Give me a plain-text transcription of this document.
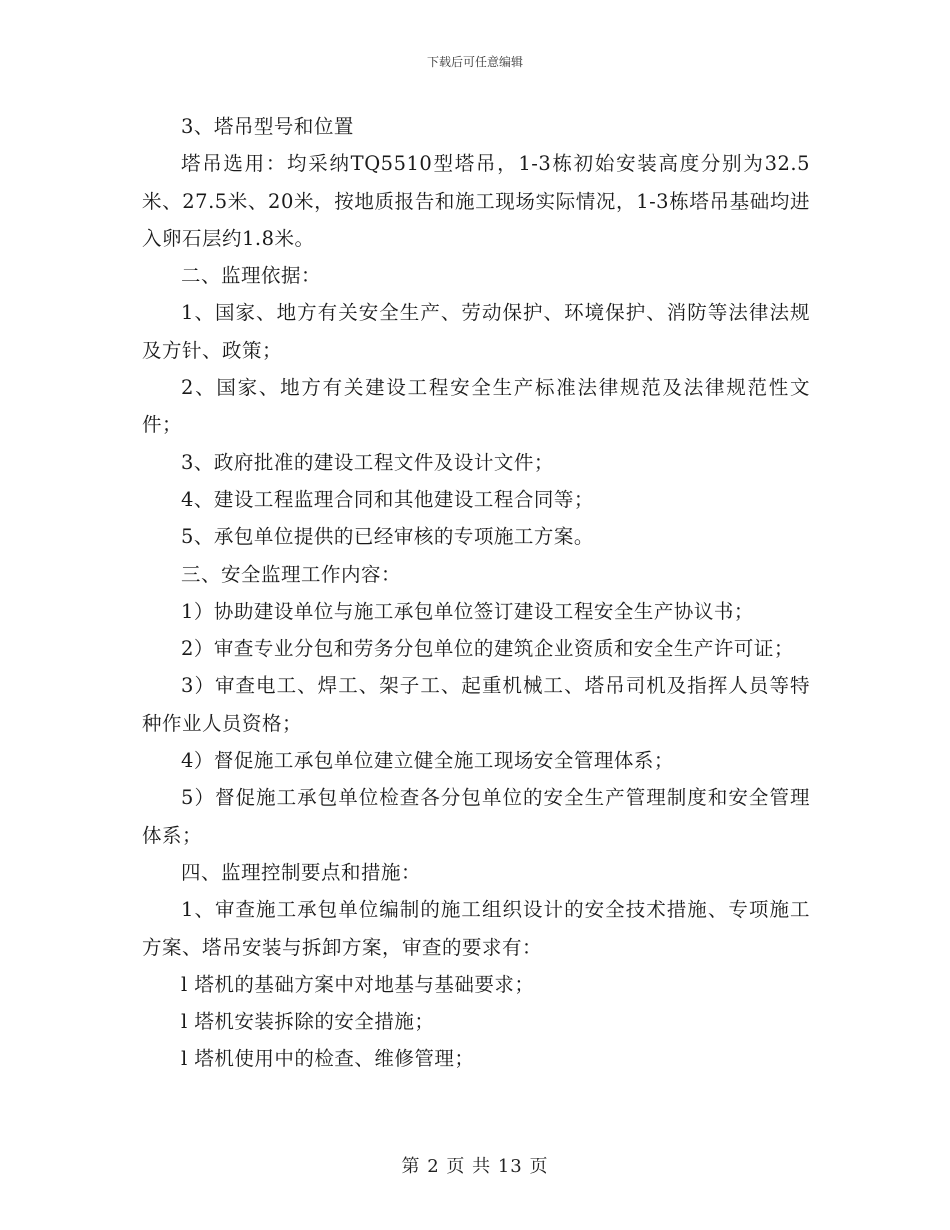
下载后可任意编辑

3、塔吊型号和位置

塔吊选用：均采纳TQ5510型塔吊，1-3栋初始安装高度分别为32.5米、27.5米、20米，按地质报告和施工现场实际情况，1-3栋塔吊基础均进入卵石层约1.8米。

二、监理依据：

1、国家、地方有关安全生产、劳动保护、环境保护、消防等法律法规及方针、政策；

2、国家、地方有关建设工程安全生产标准法律规范及法律规范性文件；

3、政府批准的建设工程文件及设计文件；

4、建设工程监理合同和其他建设工程合同等；

5、承包单位提供的已经审核的专项施工方案。

三、安全监理工作内容：

1）协助建设单位与施工承包单位签订建设工程安全生产协议书；

2）审查专业分包和劳务分包单位的建筑企业资质和安全生产许可证；

3）审查电工、焊工、架子工、起重机械工、塔吊司机及指挥人员等特种作业人员资格；

4）督促施工承包单位建立健全施工现场安全管理体系；

5）督促施工承包单位检查各分包单位的安全生产管理制度和安全管理体系；

四、监理控制要点和措施：

1、审查施工承包单位编制的施工组织设计的安全技术措施、专项施工方案、塔吊安装与拆卸方案，审查的要求有：

l 塔机的基础方案中对地基与基础要求；

l 塔机安装拆除的安全措施；

l 塔机使用中的检查、维修管理；

第 2 页 共 13 页
